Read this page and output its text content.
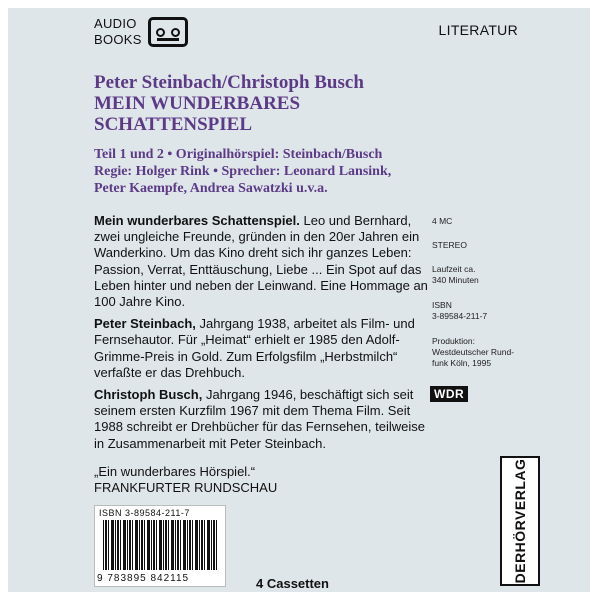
AUDIO
BOOKS
LITERATUR
Peter Steinbach/Christoph Busch
MEIN WUNDERBARES
SCHATTENSPIEL
Teil 1 und 2 • Originalhörspiel: Steinbach/Busch
Regie: Holger Rink • Sprecher: Leonard Lansink,
Peter Kaempfe, Andrea Sawatzki u.v.a.

Mein wunderbares Schattenspiel. Leo und Bernhard, zwei ungleiche Freunde, gründen in den 20er Jahren ein Wanderkino. Um das Kino dreht sich ihr ganzes Leben: Passion, Verrat, Enttäuschung, Liebe ... Ein Spot auf das Leben hinter und neben der Leinwand. Eine Hommage an 100 Jahre Kino.

Peter Steinbach, Jahrgang 1938, arbeitet als Film- und Fernsehautor. Für „Heimat“ erhielt er 1985 den Adolf-Grimme-Preis in Gold. Zum Erfolgsfilm „Herbstmilch“ verfaßte er das Drehbuch.

Christoph Busch, Jahrgang 1946, beschäftigt sich seit seinem ersten Kurzfilm 1967 mit dem Thema Film. Seit 1988 schreibt er Drehbücher für das Fernsehen, teilweise in Zusammenarbeit mit Peter Steinbach.

„Ein wunderbares Hörspiel.“
FRANKFURTER RUNDSCHAU
4 MC
STEREO
Laufzeit ca.
340 Minuten
ISBN
3-89584-211-7
Produktion:
Westdeutscher Rund-
funk Köln, 1995
WDR
ISBN 3-89584-211-7
9 783895 842115	4 Cassetten
DERHÖRVERLAG
